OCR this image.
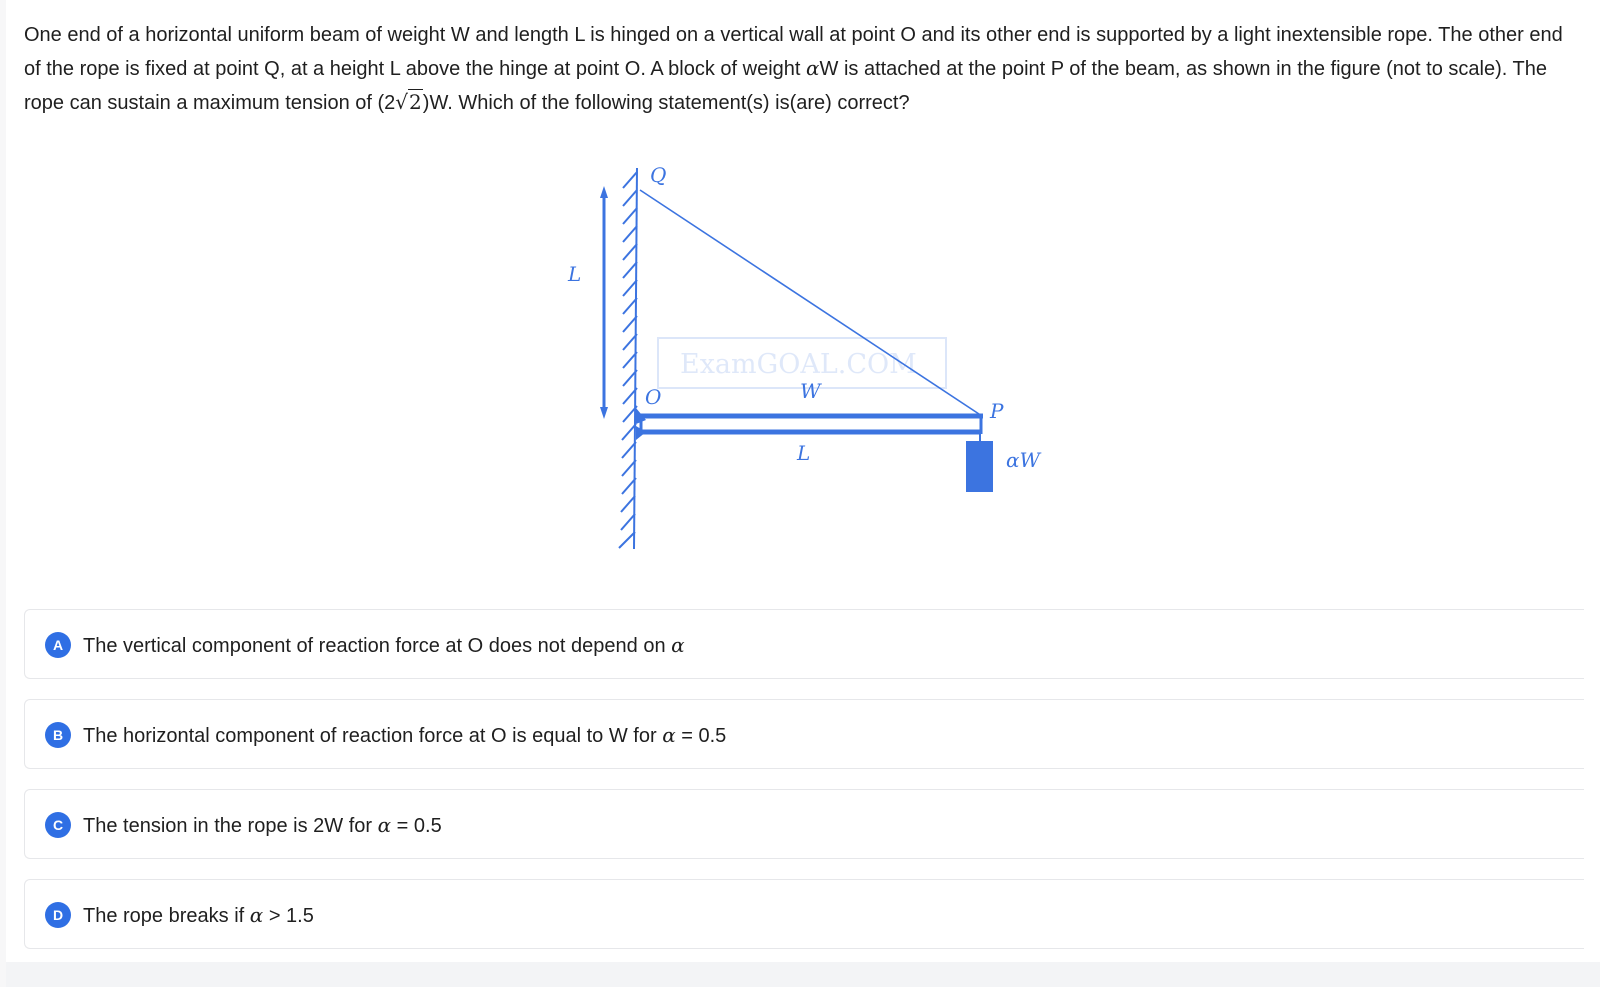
One end of a horizontal uniform beam of weight W and length L is hinged on a vertical wall at point O and its other end is supported by a light inextensible rope. The other end of the rope is fixed at point Q, at a height L above the hinge at point O. A block of weight αW is attached at the point P of the beam, as shown in the figure (not to scale). The rope can sustain a maximum tension of (2√2)W. Which of the following statement(s) is(are) correct?
ExamGOAL.COM
Q
L
O	W
P
L	αW
A The vertical component of reaction force at O does not depend on α
B The horizontal component of reaction force at O is equal to W for α = 0.5
C The tension in the rope is 2W for α = 0.5
D The rope breaks if α > 1.5
